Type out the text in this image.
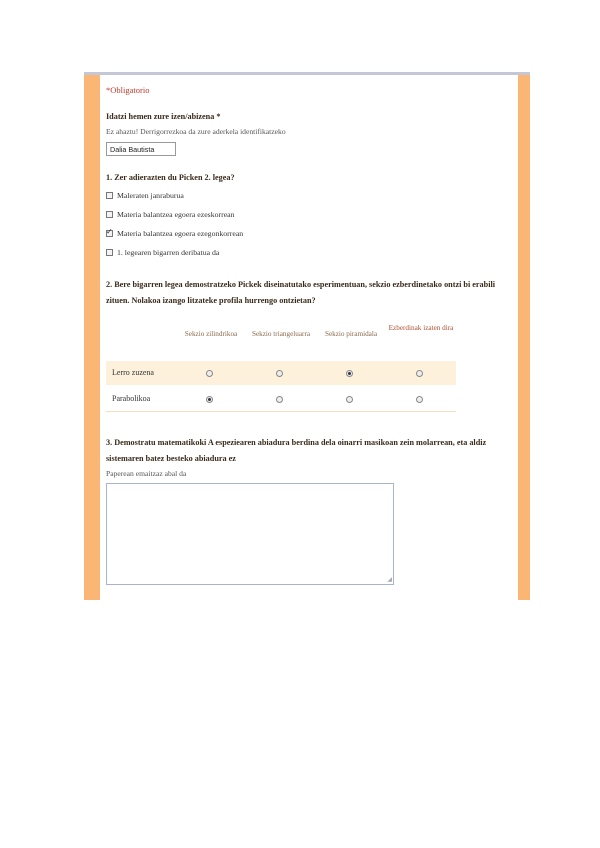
*Obligatorio
Idatzi hemen zure izen/abizena *
Ez ahaztu! Derrigorrezkoa da zure aderkela identifikatzeko
Dalia Bautista
1. Zer adierazten du Picken 2. legea?
Maleraten janraburua
Materia balantzea egoera ezeskorrean
✓
Materia balantzea egoera ezegonkorrean
1. legearen bigarren deribatua da
2. Bere bigarren legea demostratzeko Pickek diseinatutako esperimentuan, sekzio ezberdinetako ontzi bi erabili
zituen. Nolakoa izango litzateke profila hurrengo ontzietan?
Sekzio zilindrikoa	Sekzio triangeluarra	Sekzio piramidala
Ezberdinak izaten dira
Lerro zuzena
Parabolikoa
3. Demostratu matematikoki A espeziearen abiadura berdina dela oinarri masikoan zein molarrean, eta aldiz
sistemaren batez besteko abiadura ez
Paperean emaitzaz abal da
◢
